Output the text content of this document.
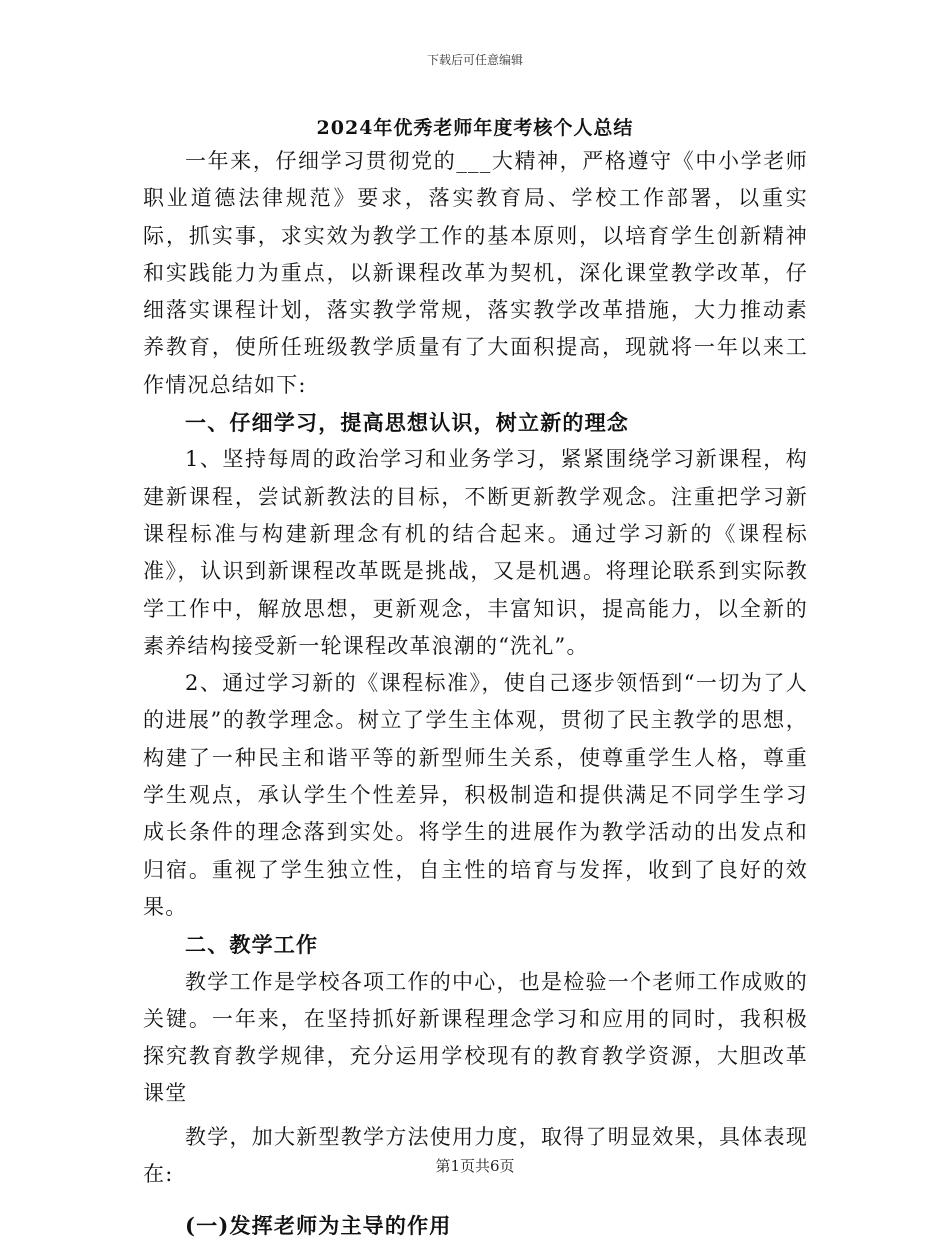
下载后可任意编辑
2024年优秀老师年度考核个人总结

一年来，仔细学习贯彻党的___大精神，严格遵守《中小学老师职业道德法律规范》要求，落实教育局、学校工作部署，以重实际，抓实事，求实效为教学工作的基本原则，以培育学生创新精神和实践能力为重点，以新课程改革为契机，深化课堂教学改革，仔细落实课程计划，落实教学常规，落实教学改革措施，大力推动素养教育，使所任班级教学质量有了大面积提高，现就将一年以来工作情况总结如下:

一、仔细学习，提高思想认识，树立新的理念

1、坚持每周的政治学习和业务学习，紧紧围绕学习新课程，构建新课程，尝试新教法的目标，不断更新教学观念。注重把学习新课程标准与构建新理念有机的结合起来。通过学习新的《课程标准》，认识到新课程改革既是挑战，又是机遇。将理论联系到实际教学工作中，解放思想，更新观念，丰富知识，提高能力，以全新的素养结构接受新一轮课程改革浪潮的“洗礼”。

2、通过学习新的《课程标准》，使自己逐步领悟到“一切为了人的进展”的教学理念。树立了学生主体观，贯彻了民主教学的思想，构建了一种民主和谐平等的新型师生关系，使尊重学生人格，尊重学生观点，承认学生个性差异，积极制造和提供满足不同学生学习成长条件的理念落到实处。将学生的进展作为教学活动的出发点和归宿。重视了学生独立性，自主性的培育与发挥，收到了良好的效果。

二、教学工作

教学工作是学校各项工作的中心，也是检验一个老师工作成败的关键。一年来，在坚持抓好新课程理念学习和应用的同时，我积极探究教育教学规律，充分运用学校现有的教育教学资源，大胆改革课堂

教学，加大新型教学方法使用力度，取得了明显效果，具体表现在:

(一)发挥老师为主导的作用

第1页共6页
